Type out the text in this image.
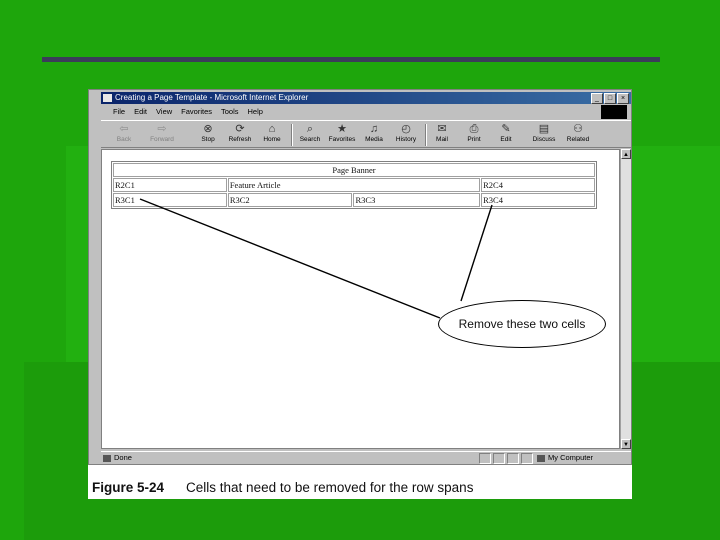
Creating a Page Template - Microsoft Internet Explorer	_	□	×
File Edit View Favorites Tools Help
⇦
Back
⇨
Forward
⊗
Stop
⟳
Refresh
⌂
Home
⌕
Search
★
Favorites
♫
Media
◴
History
✉
Mail
⎙
Print
✎
Edit
▤
Discuss
⚇
Related
Page Banner			
R2C1	Feature Article		R2C4
R3C1	R3C2	R3C3	R3C4
▲
▼
Done	My Computer
Remove these two cells
Figure 5-24 Cells that need to be removed for the row spans
